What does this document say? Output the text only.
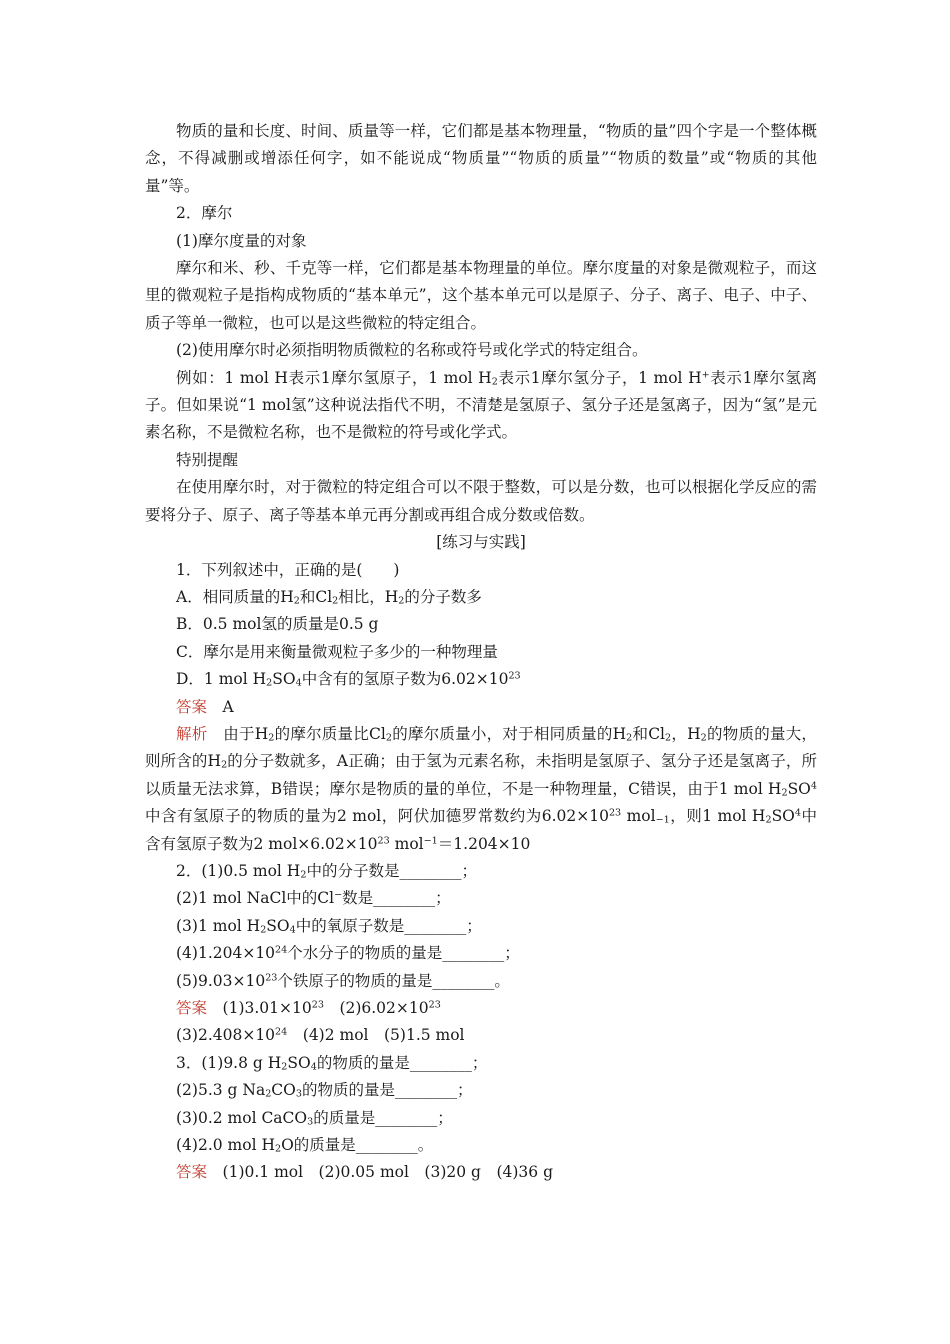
物质的量和长度、时间、质量等一样，它们都是基本物理量，“物质的量”四个字是一个整体概念，不得减删或增添任何字，如不能说成“物质量”“物质的质量”“物质的数量”或“物质的其他量”等。

2．摩尔

(1)摩尔度量的对象

摩尔和米、秒、千克等一样，它们都是基本物理量的单位。摩尔度量的对象是微观粒子，而这里的微观粒子是指构成物质的“基本单元”，这个基本单元可以是原子、分子、离子、电子、中子、质子等单一微粒，也可以是这些微粒的特定组合。

(2)使用摩尔时必须指明物质微粒的名称或符号或化学式的特定组合。

例如：1 mol H表示1摩尔氢原子，1 mol $H_2$表示1摩尔氢分子，1 mol H+表示1摩尔氢离子。但如果说“1 mol氢”这种说法指代不明，不清楚是氢原子、氢分子还是氢离子，因为“氢”是元素名称，不是微粒名称，也不是微粒的符号或化学式。

特别提醒

在使用摩尔时，对于微粒的特定组合可以不限于整数，可以是分数，也可以根据化学反应的需要将分子、原子、离子等基本单元再分割或再组合成分数或倍数。

[练习与实践]

1．下列叙述中，正确的是(　　)

A．相同质量的$H_2$和$Cl_2$相比，$H_2$的分子数多

B．0.5 mol氢的质量是0.5 g

C．摩尔是用来衡量微观粒子多少的一种物理量

D．1 mol $H_2SO_4$中含有的氢原子数为$6.02\times 10^{23}$

答案　 A

解析　 由于$H_2$的摩尔质量比$Cl_2$的摩尔质量小，对于相同质量的$H_2$和$Cl_2$，$H_2$的物质的量大，则所含的$H_2$的分子数就多，A正确；由于氢为元素名称，未指明是氢原子、氢分子还是氢离子，所以质量无法求算，B错误；摩尔是物质的量的单位，不是一种物理量，C错误，由于1 mol $H_2SO^4$中含有氢原子的物质的量为2 mol，阿伏加德罗常数约为$6.02\times 10^{23}$ mol$_{-1}$，则1 mol $H_2SO^4$中含有氢原子数为2 $mol\times 6.02\times 10^{23}$ mol$^{-1}$＝1.204×10

2．(1)0.5 mol $H_2$中的分子数是________；

(2)1 mol NaCl中的Cl−数是________；

(3)1 mol $H_2SO_4$中的氧原子数是________；

$(4)1.204\times 10^{24}$个水分子的物质的量是________；

$(5)9.03\times 10^{23}$个铁原子的物质的量是________。

答案　 $(1)3.01\times 10^{23}$　$(2)6.02\times 10^{23}$

$(3)2.408\times 10^{24}$　(4)2 mol　(5)1.5 mol

3．(1)9.8 g $H_2SO_4$的物质的量是________；

(2)5.3 g $Na_2CO_3$的物质的量是________；

(3)0.2 mol CaCO$_3$的质量是________；

(4)2.0 mol $H_2O$的质量是________。

答案　 (1)0.1 mol　(2)0.05 mol　(3)20 g　(4)36 g
